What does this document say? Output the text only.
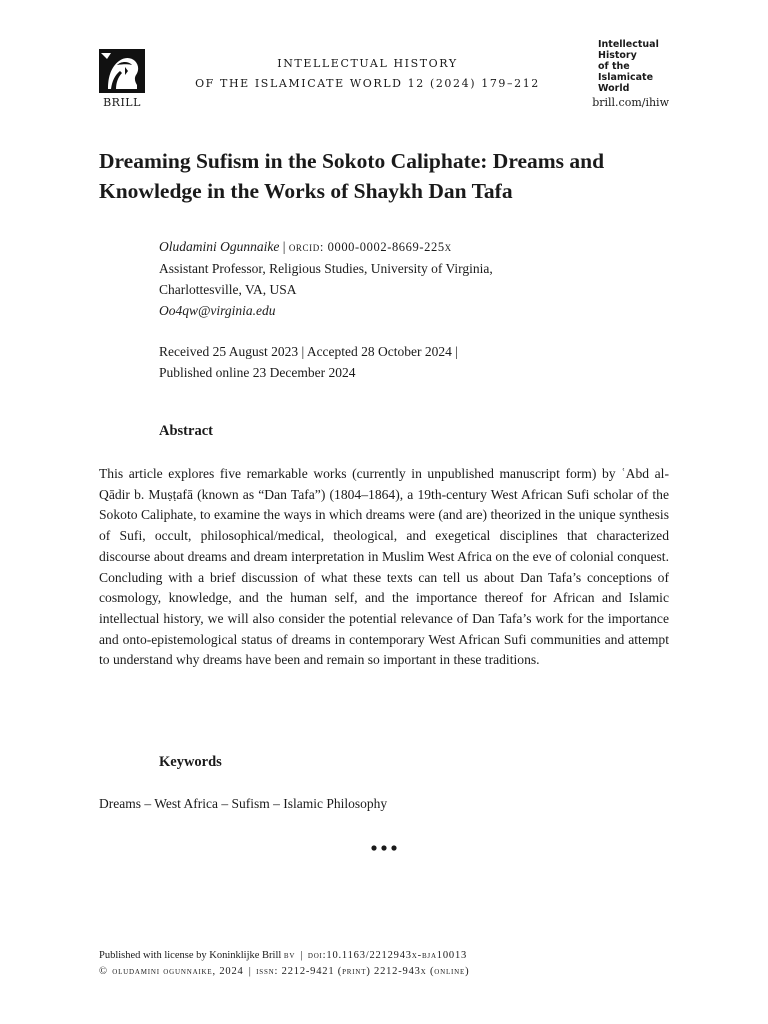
BRILL
INTELLECTUAL HISTORY
OF THE ISLAMICATE WORLD 12 (2024) 179–212
Intellectual
History
of the
Islamicate
World
brill.com/ihiw
Dreaming Sufism in the Sokoto Caliphate: Dreams and Knowledge in the Works of Shaykh Dan Tafa
Oludamini Ogunnaike | orcid: 0000-0002-8669-225x
Assistant Professor, Religious Studies, University of Virginia,
Charlottesville, VA, USA
Oo4qw@virginia.edu
Received 25 August 2023 | Accepted 28 October 2024 |
Published online 23 December 2024
Abstract
This article explores five remarkable works (currently in unpublished manuscript form) by ʿAbd al-Qādir b. Muṣṭafā (known as “Dan Tafa”) (1804–1864), a 19th-century West African Sufi scholar of the Sokoto Caliphate, to examine the ways in which dreams were (and are) theorized in the unique synthesis of Sufi, occult, philosophical/medical, theological, and exegetical disciplines that characterized discourse about dreams and dream interpretation in Muslim West Africa on the eve of colonial conquest. Concluding with a brief discussion of what these texts can tell us about Dan Tafa’s conceptions of cosmology, knowledge, and the human self, and the importance thereof for African and Islamic intellectual history, we will also consider the potential relevance of Dan Tafa’s work for the importance and onto-epistemological status of dreams in contemporary West African Sufi communities and attempt to understand why dreams have been and remain so important in these traditions.
Keywords
Dreams – West Africa – Sufism – Islamic Philosophy
Published with license by Koninklijke Brill bv  |  doi:10.1163/2212943x-bja10013
© oludamini ogunnaike, 2024  |  issn: 2212-9421 (print) 2212-943x (online)
